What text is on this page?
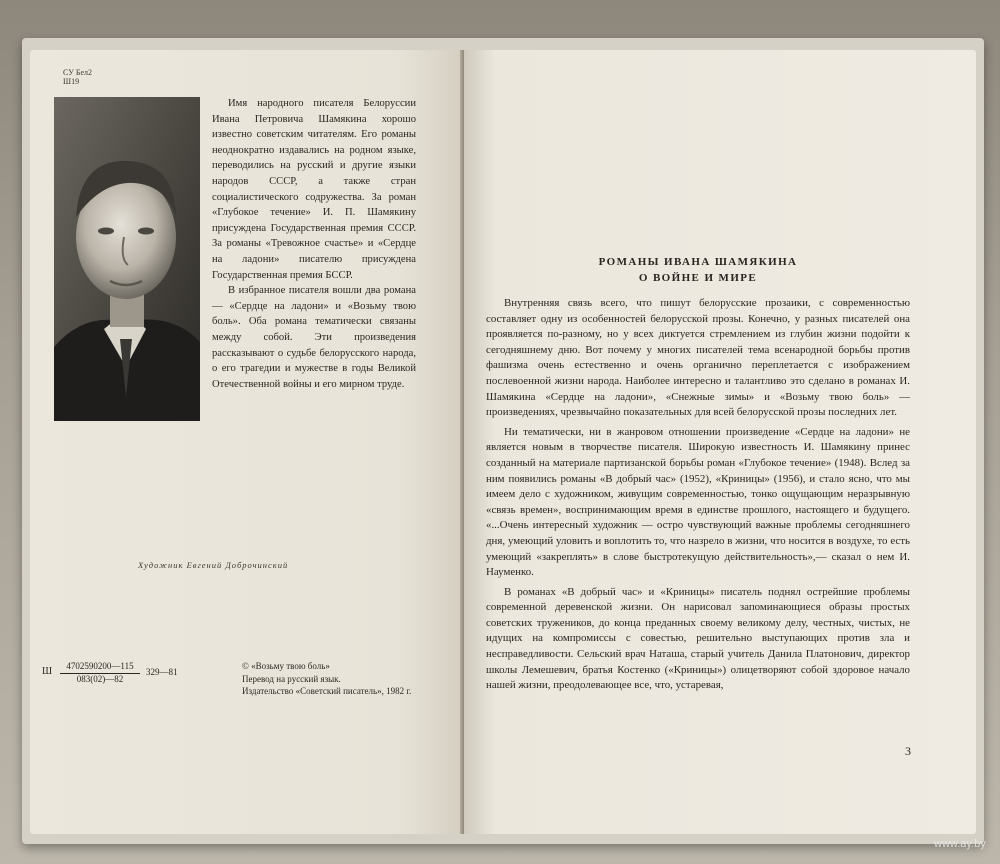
СУ Бел2
Ш19

Имя народного писателя Белоруссии Ивана Петровича Шамякина хорошо известно советским читателям. Его романы неоднократно издавались на родном языке, переводились на русский и другие языки народов СССР, а также стран социалистического содружества. За роман «Глубокое течение» И. П. Шамякину присуждена Государственная премия СССР. За романы «Тревожное счастье» и «Сердце на ладони» писателю присуждена Государственная премия БССР.

В избранное писателя вошли два романа — «Сердце на ладони» и «Возьму твою боль». Оба романа тематически связаны между собой. Эти произведения рассказывают о судьбе белорусского народа, о его трагедии и мужестве в годы Великой Отечественной войны и его мирном труде.

Художник Евгений Доброчинский
Ш	4702590200—115
083(02)—82
329—81
© «Возьму твою боль»
Перевод на русский язык.
Издательство «Советский писатель», 1982 г.
РОМАНЫ ИВАНА ШАМЯКИНА
О ВОЙНЕ И МИРЕ

Внутренняя связь всего, что пишут белорусские прозаики, с современностью составляет одну из особенностей белорусской прозы. Конечно, у разных писателей она проявляется по-разному, но у всех диктуется стремлением из глубин жизни подойти к сегодняшнему дню. Вот почему у многих писателей тема всенародной борьбы против фашизма очень естественно и очень органично переплетается с изображением послевоенной жизни народа. Наиболее интересно и талантливо это сделано в романах И. Шамякина «Сердце на ладони», «Снежные зимы» и «Возьму твою боль» — произведениях, чрезвычайно показательных для всей белорусской прозы последних лет.

Ни тематически, ни в жанровом отношении произведение «Сердце на ладони» не является новым в творчестве писателя. Широкую известность И. Шамякину принес созданный на материале партизанской борьбы роман «Глубокое течение» (1948). Вслед за ним появились романы «В добрый час» (1952), «Криницы» (1956), и стало ясно, что мы имеем дело с художником, живущим современностью, тонко ощущающим неразрывную «связь времен», воспринимающим время в единстве прошлого, настоящего и будущего. «...Очень интересный художник — остро чувствующий важные проблемы сегодняшнего дня, умеющий уловить и воплотить то, что назрело в жизни, что носится в воздухе, то есть умеющий «закреплять» в слове быстротекущую действительность»,— сказал о нем И. Науменко.

В романах «В добрый час» и «Криницы» писатель поднял острейшие проблемы современной деревенской жизни. Он нарисовал запоминающиеся образы простых советских тружеников, до конца преданных своему великому делу, честных, чистых, не идущих на компромиссы с совестью, решительно выступающих против зла и несправедливости. Сельский врач Наташа, старый учитель Данила Платонович, директор школы Лемешевич, братья Костенко («Криницы») олицетворяют собой здоровое начало нашей жизни, преодолевающее все, что, устаревая,

3
www.ay.by
